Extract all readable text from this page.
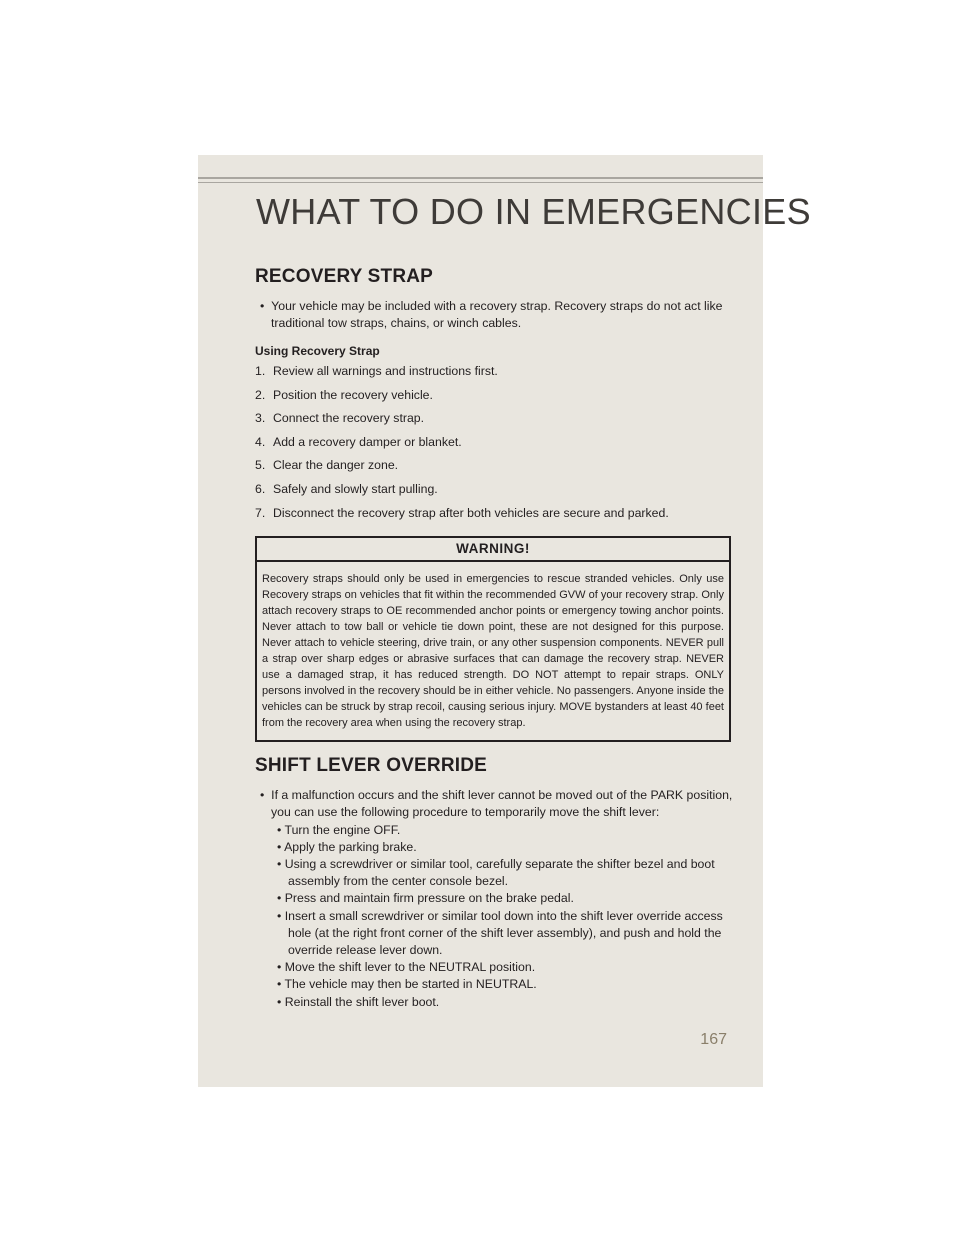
WHAT TO DO IN EMERGENCIES
RECOVERY STRAP

• Your vehicle may be included with a recovery strap. Recovery straps do not act like traditional tow straps, chains, or winch cables.

Using Recovery Strap

1. Review all warnings and instructions first.
2. Position the recovery vehicle.
3. Connect the recovery strap.
4. Add a recovery damper or blanket.
5. Clear the danger zone.
6. Safely and slowly start pulling.
7. Disconnect the recovery strap after both vehicles are secure and parked.
WARNING!
Recovery straps should only be used in emergencies to rescue stranded vehicles. Only use Recovery straps on vehicles that fit within the recommended GVW of your recovery strap. Only attach recovery straps to OE recommended anchor points or emergency towing anchor points. Never attach to tow ball or vehicle tie down point, these are not designed for this purpose. Never attach to vehicle steering, drive train, or any other suspension components. NEVER pull a strap over sharp edges or abrasive surfaces that can damage the recovery strap. NEVER use a damaged strap, it has reduced strength. DO NOT attempt to repair straps. ONLY persons involved in the recovery should be in either vehicle. No passengers. Anyone inside the vehicles can be struck by strap recoil, causing serious injury. MOVE bystanders at least 40 feet from the recovery area when using the recovery strap.
SHIFT LEVER OVERRIDE

• If a malfunction occurs and the shift lever cannot be moved out of the PARK position, you can use the following procedure to temporarily move the shift lever:

• Turn the engine OFF.
• Apply the parking brake.
• Using a screwdriver or similar tool, carefully separate the shifter bezel and boot assembly from the center console bezel.
• Press and maintain firm pressure on the brake pedal.
• Insert a small screwdriver or similar tool down into the shift lever override access hole (at the right front corner of the shift lever assembly), and push and hold the override release lever down.
• Move the shift lever to the NEUTRAL position.
• The vehicle may then be started in NEUTRAL.
• Reinstall the shift lever boot.
167
